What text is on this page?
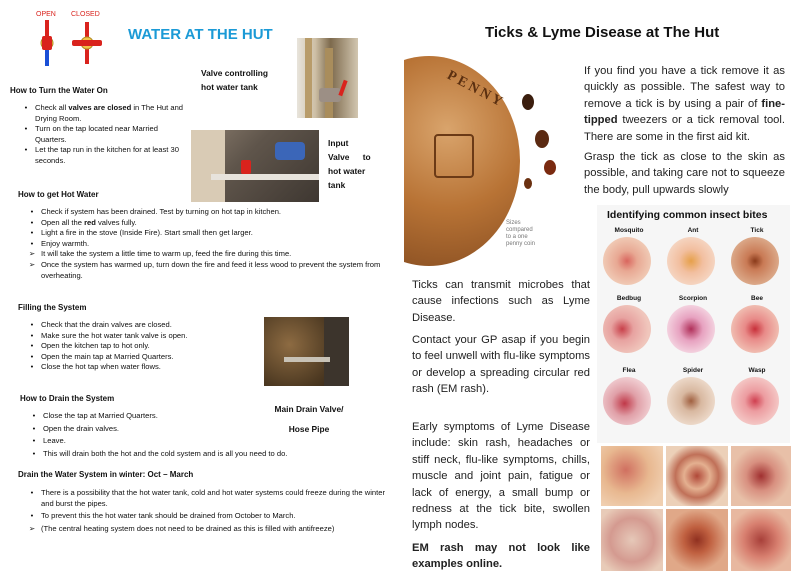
OPEN CLOSED
WATER AT THE HUT
Valve controlling
hot water tank
Input
Valve to
hot water
tank
Main Drain Valve/
Hose Pipe
How to Turn the Water On
•	Check all valves are closed in The Hut and Drying Room.
•	Turn on the tap located near Married Quarters.
•	Let the tap run in the kitchen for at least 30 seconds.
How to get Hot Water
•	Check if system has been drained. Test by turning on hot tap in kitchen.
•	Open all the red valves fully.
•	Light a fire in the stove (Inside Fire). Start small then get larger.
•	Enjoy warmth.
➢ It will take the system a little time to warm up, feed the fire during this time.
➢ Once the system has warmed up, turn down the fire and feed it less wood to prevent the system from overheating.
Filling the System
•	Check that the drain valves are closed.
•	Make sure the hot water tank valve is open.
•	Open the kitchen tap to hot only.
•	Open the main tap at Married Quarters.
•	Close the hot tap when water flows.
How to Drain the System
•	Close the tap at Married Quarters.
•	Open the drain valves.
•	Leave.
•	This will drain both the hot and the cold system and is all you need to do.
Drain the Water System in winter: Oct – March
•	There is a possibility that the hot water tank, cold and hot water systems could freeze during the winter and burst the pipes.
•	To prevent this the hot water tank should be drained from October to March.
➢ (The central heating system does not need to be drained as this is filled with antifreeze)
Ticks & Lyme Disease at The Hut
PENNY
Sizes
compared
to a one
penny coin
If you find you have a tick remove it as quickly as possible. The safest way to remove a tick is by using a pair of fine-tipped tweezers or a tick removal tool. There are some in the first aid kit.
Grasp the tick as close to the skin as possible, and taking care not to squeeze the body, pull upwards slowly
Ticks can transmit microbes that cause infections such as Lyme Disease.
Contact your GP asap if you begin to feel unwell with flu-like symptoms or develop a spreading circular red rash (EM rash).
Early symptoms of Lyme Disease include: skin rash, headaches or stiff neck, flu-like symptoms, chills, muscle and joint pain, fatigue or lack of energy, a small bump or redness at the tick bite, swollen lymph nodes.
EM rash may not look like examples online.
Identifying common insect bites
Mosquito	Ant	Tick
Bedbug	Scorpion	Bee
Flea	Spider	Wasp
